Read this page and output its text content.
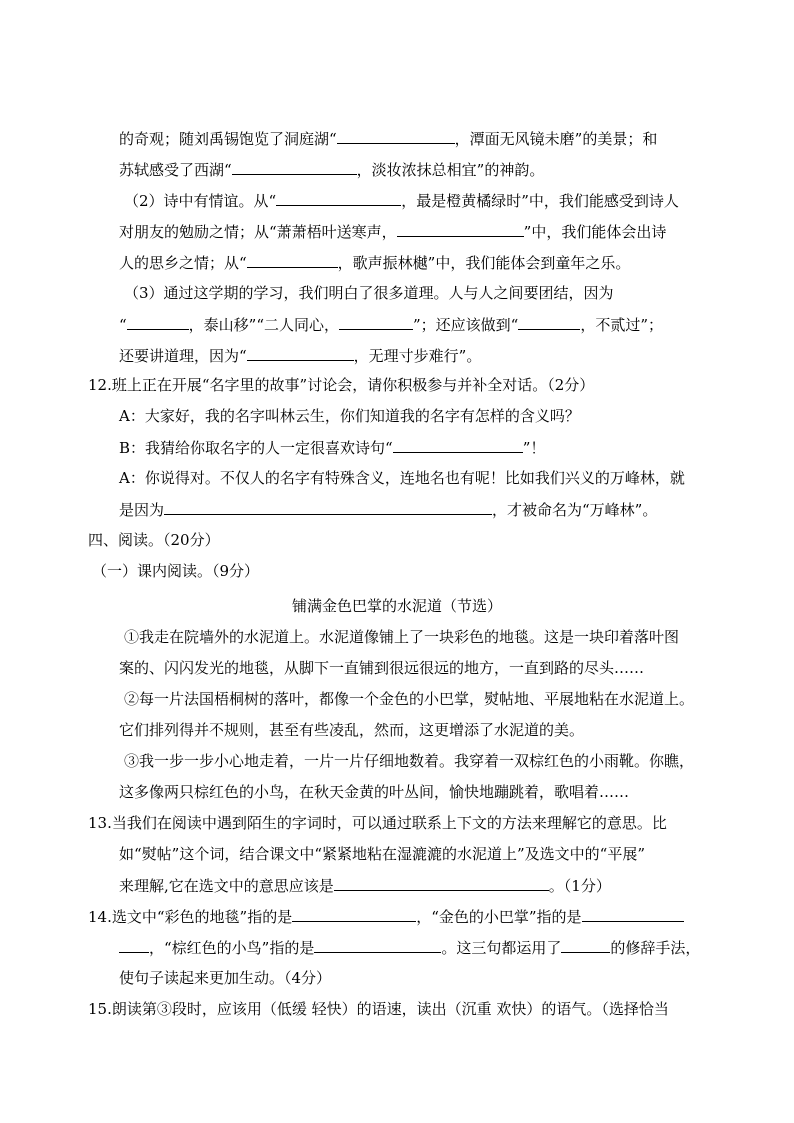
铺满金色巴掌的水泥道（节选）
的奇观；随刘禹锡饱览了洞庭湖“	，潭面无风镜未磨”的美景；和
苏轼感受了西湖“	，淡妆浓抹总相宜”的神韵。
（2）诗中有情谊。从“	，最是橙黄橘绿时”中，我们能感受到诗人
对朋友的勉励之情；从“萧萧梧叶送寒声，	”中，我们能体会出诗
人的思乡之情；从“	，歌声振林樾”中，我们能体会到童年之乐。
（3）通过这学期的学习，我们明白了很多道理。人与人之间要团结，因为
“	，泰山移”“二人同心，	”；还应该做到“	，不贰过”；
还要讲道理，因为“	，无理寸步难行”。
12.班上正在开展“名字里的故事”讨论会，请你积极参与并补全对话。（2分）
A：大家好，我的名字叫林云生，你们知道我的名字有怎样的含义吗？
B：我猜给你取名字的人一定很喜欢诗句“	”！
A：你说得对。不仅人的名字有特殊含义，连地名也有呢！比如我们兴义的万峰林，就
是因为	，才被命名为“万峰林”。
四、阅读。（20分）
（一）课内阅读。（9分）
①我走在院墙外的水泥道上。水泥道像铺上了一块彩色的地毯。这是一块印着落叶图
案的、闪闪发光的地毯，从脚下一直铺到很远很远的地方，一直到路的尽头……
②每一片法国梧桐树的落叶，都像一个金色的小巴掌，熨帖地、平展地粘在水泥道上。
它们排列得并不规则，甚至有些凌乱，然而，这更增添了水泥道的美。
③我一步一步小心地走着，一片一片仔细地数着。我穿着一双棕红色的小雨靴。你瞧，
这多像两只棕红色的小鸟，在秋天金黄的叶丛间，愉快地蹦跳着，歌唱着……
13.当我们在阅读中遇到陌生的字词时，可以通过联系上下文的方法来理解它的意思。比
如“熨帖”这个词，结合课文中“紧紧地粘在湿漉漉的水泥道上”及选文中的“平展”
来理解,它在选文中的意思应该是	。（1分）
14.选文中“彩色的地毯”指的是	，“金色的小巴掌”指的是
，“棕红色的小鸟”指的是	。这三句都运用了	的修辞手法，
使句子读起来更加生动。（4分）
15.朗读第③段时，应该用（低缓 轻快）的语速，读出（沉重 欢快）的语气。（选择恰当
